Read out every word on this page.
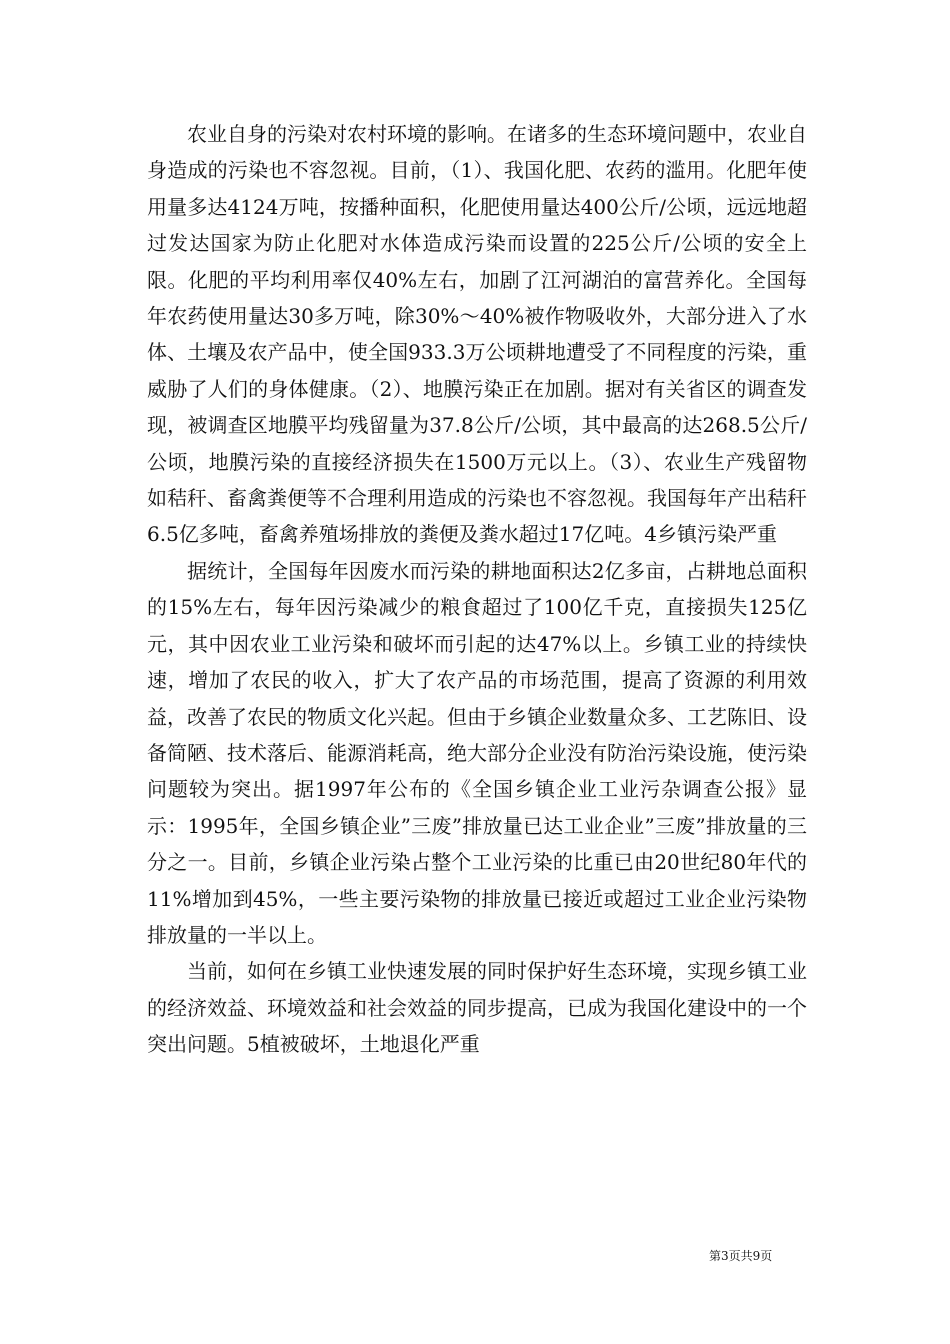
农业自身的污染对农村环境的影响。在诸多的生态环境问题中，农业自身造成的污染也不容忽视。目前，（1）、我国化肥、农药的滥用。化肥年使用量多达4124万吨，按播种面积，化肥使用量达400公斤/公顷，远远地超过发达国家为防止化肥对水体造成污染而设置的225公斤/公顷的安全上限。化肥的平均利用率仅40%左右，加剧了江河湖泊的富营养化。全国每年农药使用量达30多万吨，除30%～40%被作物吸收外，大部分进入了水体、土壤及农产品中，使全国933.3万公顷耕地遭受了不同程度的污染，重威胁了人们的身体健康。（2）、地膜污染正在加剧。据对有关省区的调查发现，被调查区地膜平均残留量为37.8公斤/公顷，其中最高的达268.5公斤/公顷，地膜污染的直接经济损失在1500万元以上。（3）、农业生产残留物如秸秆、畜禽粪便等不合理利用造成的污染也不容忽视。我国每年产出秸秆6.5亿多吨，畜禽养殖场排放的粪便及粪水超过17亿吨。4乡镇污染严重

据统计，全国每年因废水而污染的耕地面积达2亿多亩，占耕地总面积的15%左右，每年因污染减少的粮食超过了100亿千克，直接损失125亿元，其中因农业工业污染和破坏而引起的达47%以上。乡镇工业的持续快速，增加了农民的收入，扩大了农产品的市场范围，提高了资源的利用效益，改善了农民的物质文化兴起。但由于乡镇企业数量众多、工艺陈旧、设备简陋、技术落后、能源消耗高，绝大部分企业没有防治污染设施，使污染问题较为突出。据1997年公布的《全国乡镇企业工业污杂调查公报》显示：1995年，全国乡镇企业”三废”排放量已达工业企业”三废”排放量的三分之一。目前，乡镇企业污染占整个工业污染的比重已由20世纪80年代的11%增加到45%，一些主要污染物的排放量已接近或超过工业企业污染物排放量的一半以上。

当前，如何在乡镇工业快速发展的同时保护好生态环境，实现乡镇工业的经济效益、环境效益和社会效益的同步提高，已成为我国化建设中的一个突出问题。5植被破坏，土地退化严重

第3页共9页
